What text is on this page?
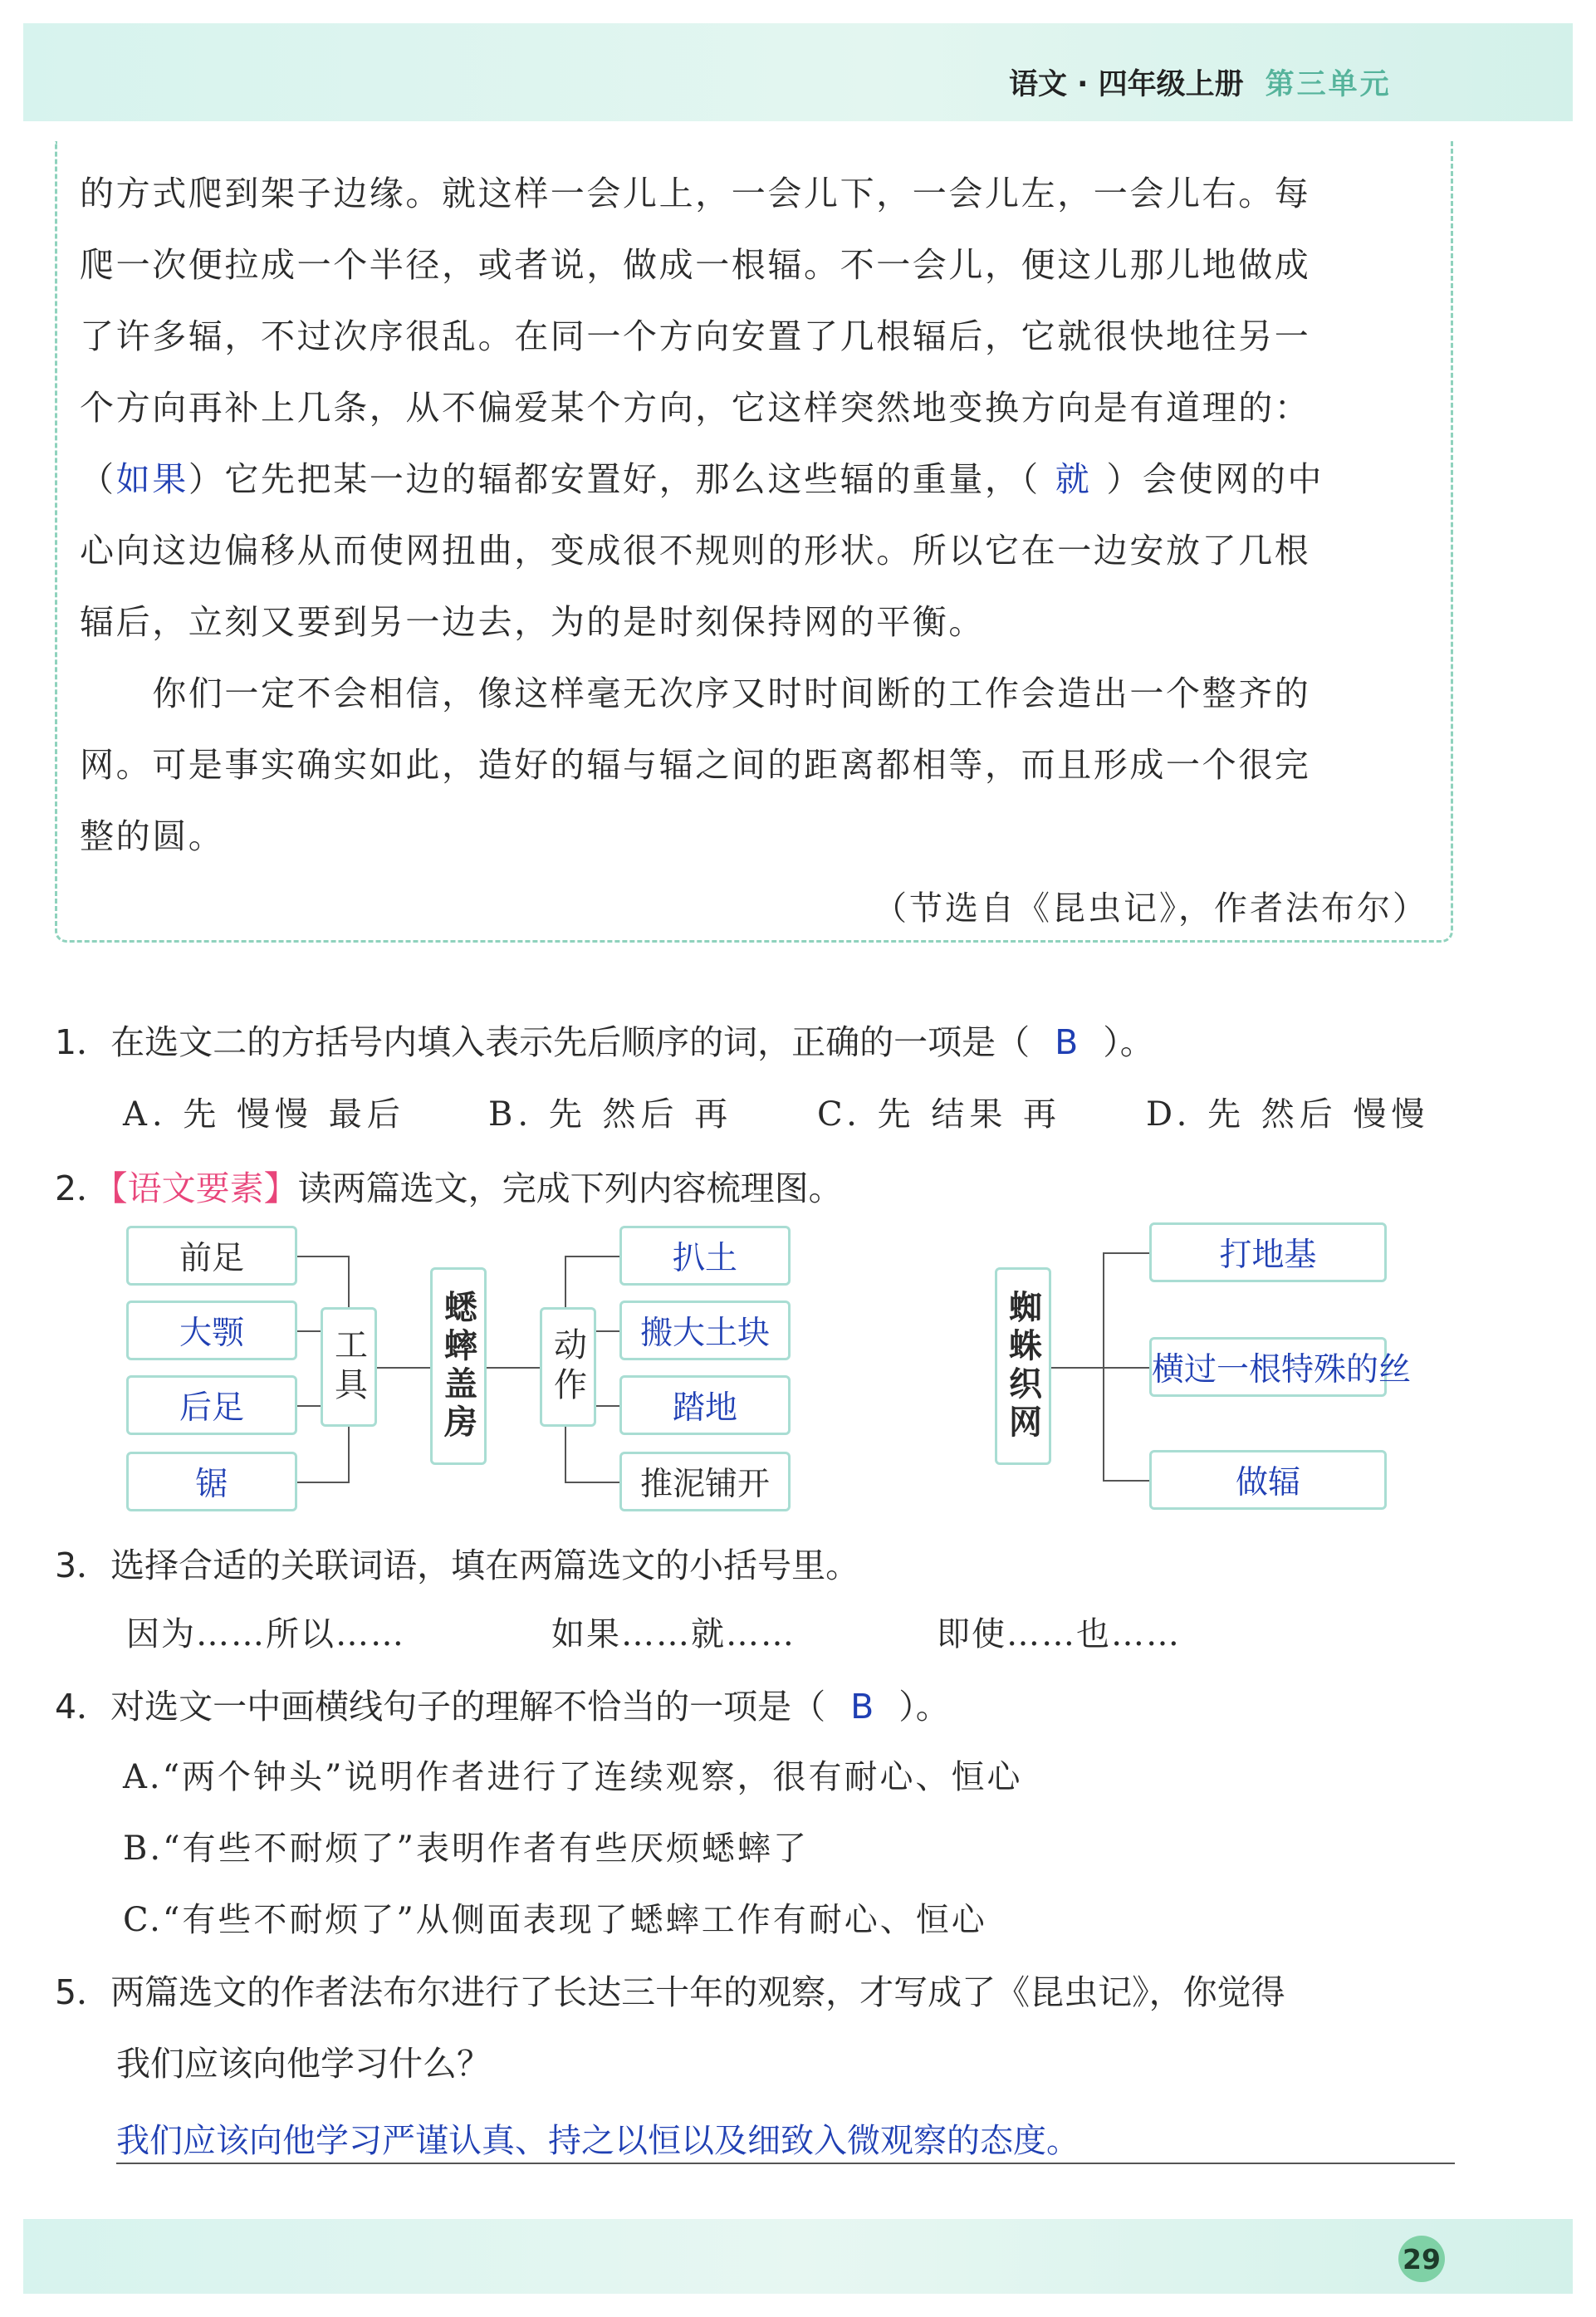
语文 · 四年级上册 第三单元
的方式爬到架子边缘。就这样一会儿上，一会儿下，一会儿左，一会儿右。每
爬一次便拉成一个半径，或者说，做成一根辐。不一会儿，便这儿那儿地做成
了许多辐，不过次序很乱。在同一个方向安置了几根辐后，它就很快地往另一
个方向再补上几条，从不偏爱某个方向，它这样突然地变换方向是有道理的：
（如果）它先把某一边的辐都安置好，那么这些辐的重量，（ 就 ）会使网的中
心向这边偏移从而使网扭曲，变成很不规则的形状。所以它在一边安放了几根
辐后，立刻又要到另一边去，为的是时刻保持网的平衡。
　　你们一定不会相信，像这样毫无次序又时时间断的工作会造出一个整齐的
网。可是事实确实如此，造好的辐与辐之间的距离都相等，而且形成一个很完
整的圆。
（节选自《昆虫记》，作者法布尔）
1．在选文二的方括号内填入表示先后顺序的词，正确的一项是（ B ）。
A. 先 慢慢 最后	B. 先 然后 再	C. 先 结果 再	D. 先 然后 慢慢
2．【语文要素】读两篇选文，完成下列内容梳理图。
前足
大颚
后足
锯
工具 蟋蟀盖房 动作
扒土
搬大土块
踏地
推泥铺开
蜘蛛织网
打地基
横过一根特殊的丝
做辐
3．选择合适的关联词语，填在两篇选文的小括号里。
因为……所以……	如果……就……	即使……也……
4．对选文一中画横线句子的理解不恰当的一项是（ B ）。
A.“两个钟头”说明作者进行了连续观察，很有耐心、恒心
B.“有些不耐烦了”表明作者有些厌烦蟋蟀了
C.“有些不耐烦了”从侧面表现了蟋蟀工作有耐心、恒心
5．两篇选文的作者法布尔进行了长达三十年的观察，才写成了《昆虫记》，你觉得
我们应该向他学习什么？
我们应该向他学习严谨认真、持之以恒以及细致入微观察的态度。
29
